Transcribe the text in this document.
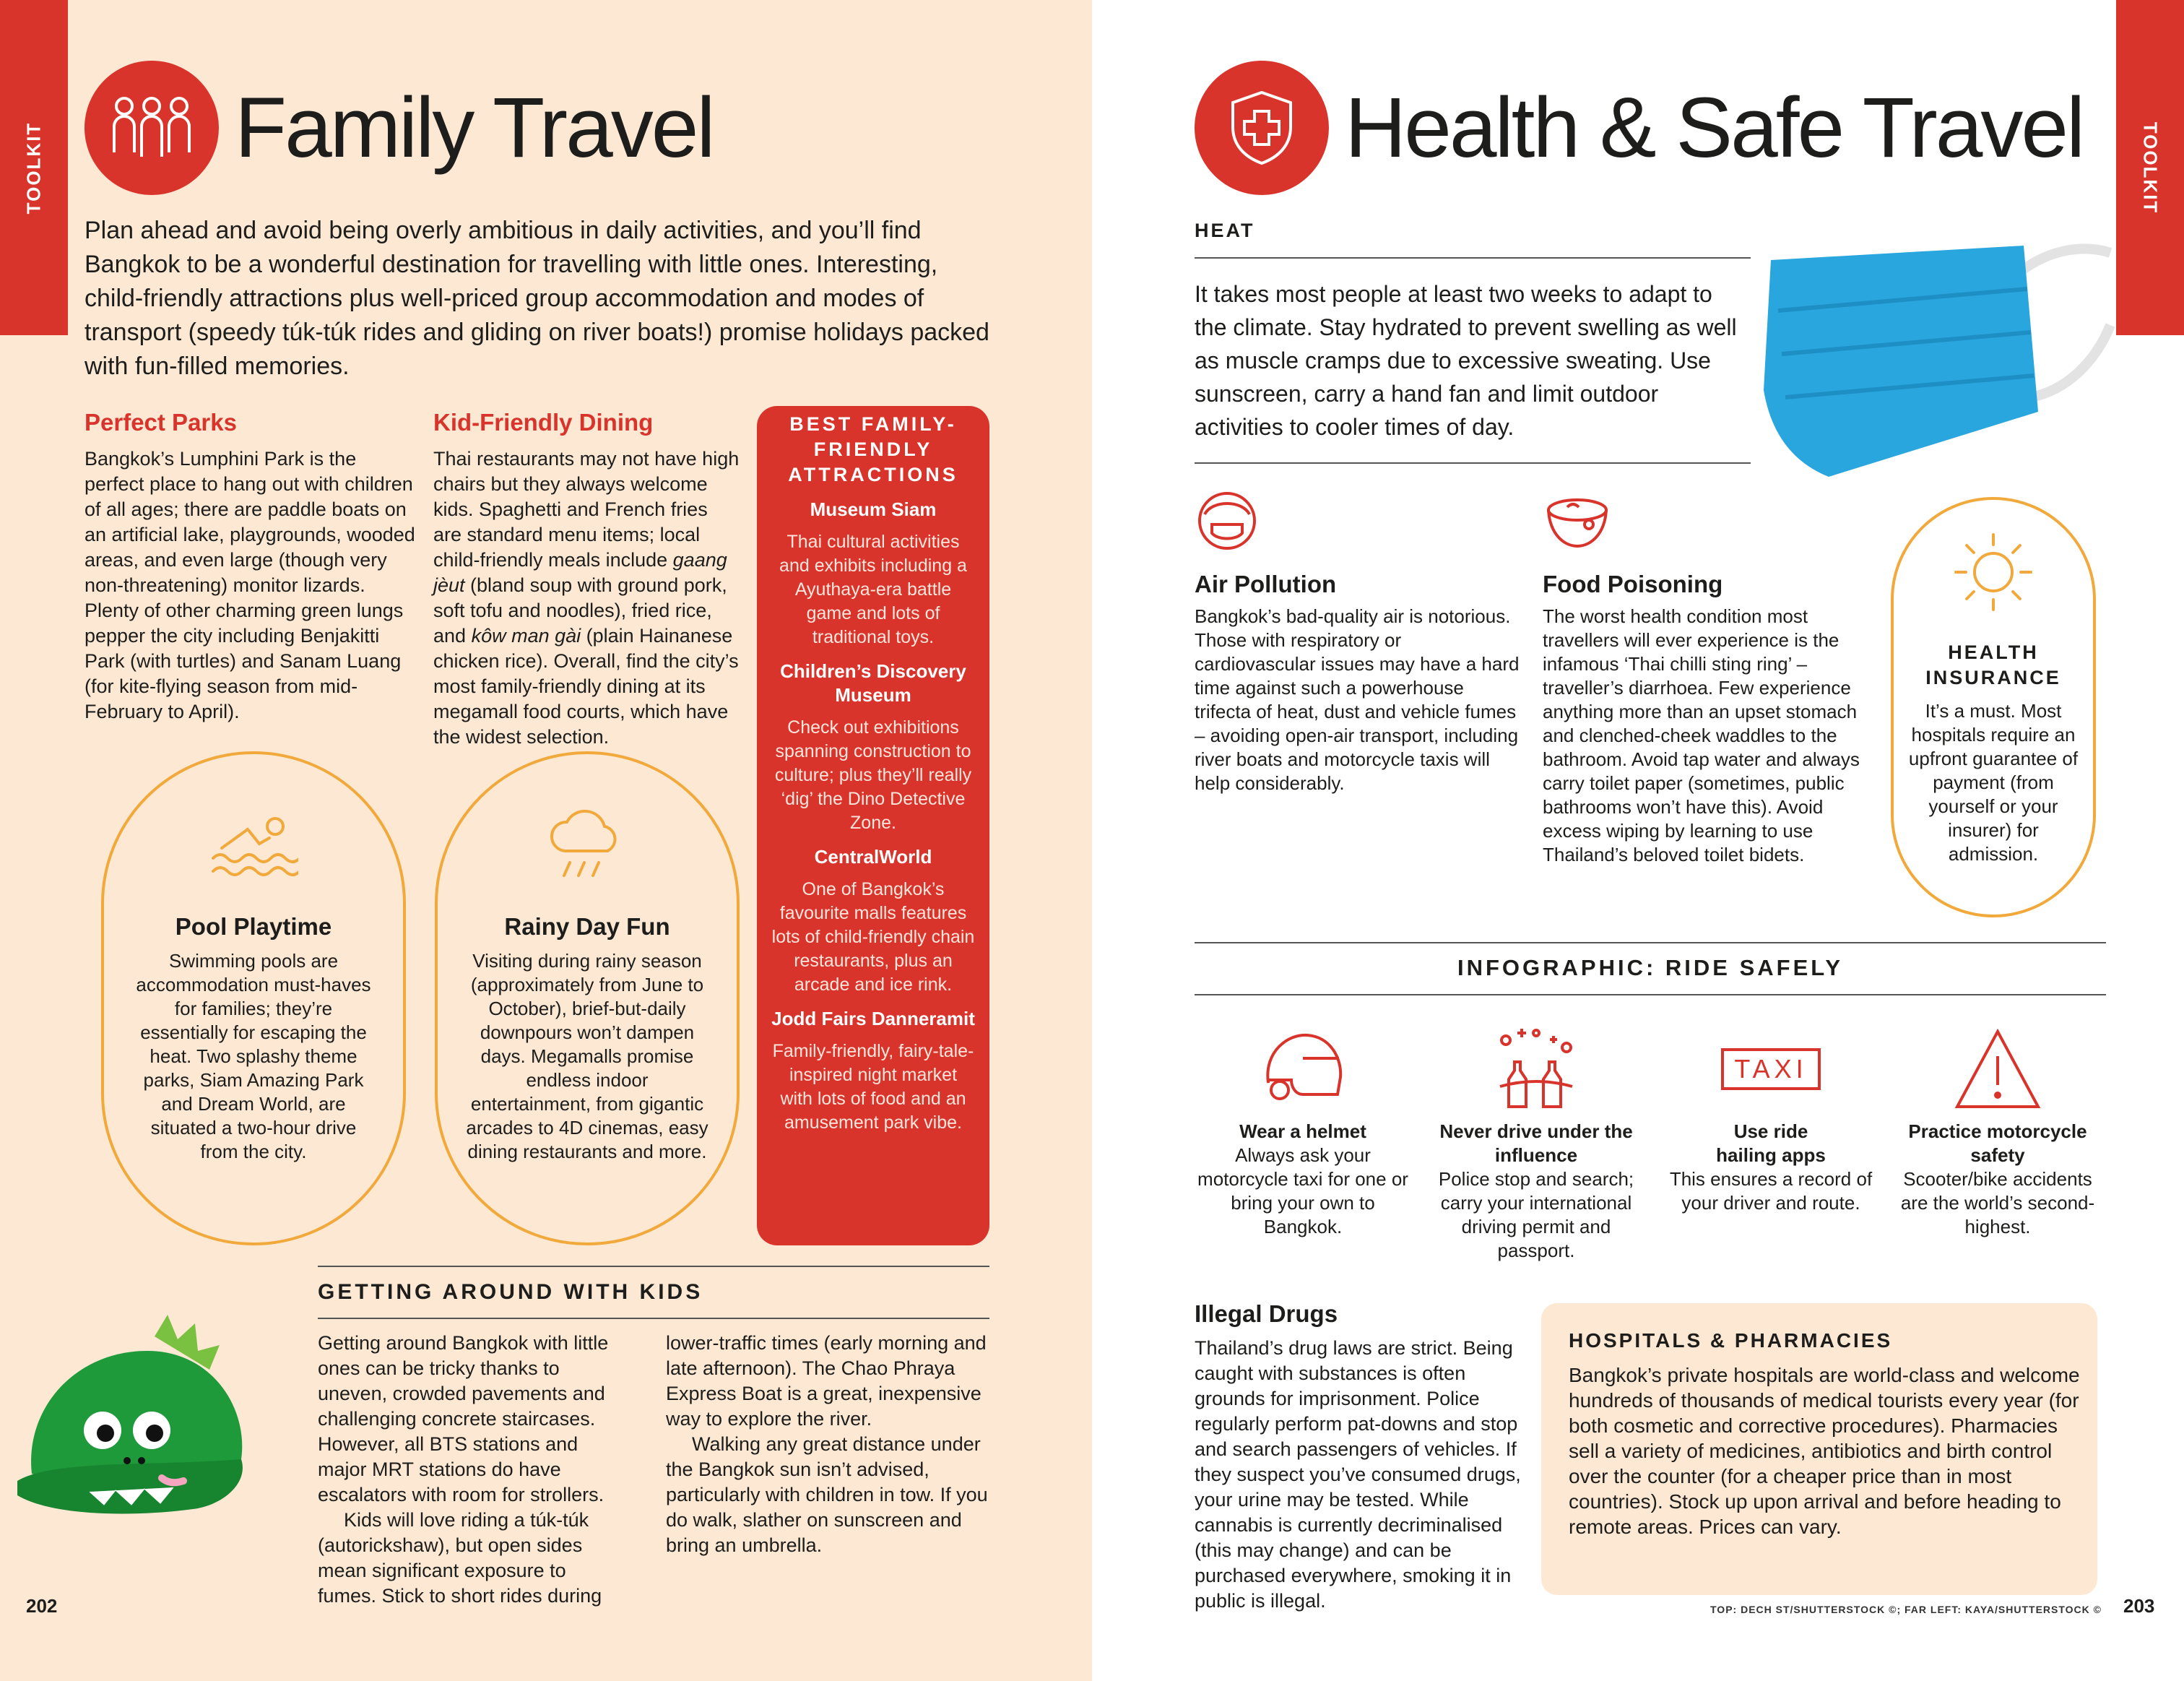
TOOLKIT Family Travel

Plan ahead and avoid being overly ambitious in daily activities, and you’ll find Bangkok to be a wonderful destination for travelling with little ones. Interesting, child-friendly attractions plus well-priced group accommodation and modes of transport (speedy túk-túk rides and gliding on river boats!) promise holidays packed with fun-filled memories.

Perfect Parks

Bangkok’s Lumphini Park is the perfect place to hang out with children of all ages; there are paddle boats on an artificial lake, playgrounds, wooded areas, and even large (though very non-threatening) monitor lizards. Plenty of other charming green lungs pepper the city including Benjakitti Park (with turtles) and Sanam Luang (for kite-flying season from mid-February to April).

Kid-Friendly Dining

Thai restaurants may not have high chairs but they always welcome kids. Spaghetti and French fries are standard menu items; local child-friendly meals include gaang jèut (bland soup with ground pork, soft tofu and noodles), fried rice, and kôw man gài (plain Hainanese chicken rice). Overall, find the city’s most family-friendly dining at its megamall food courts, which have the widest selection.

Pool Playtime

Swimming pools are accommodation must-haves for families; they’re essentially for escaping the heat. Two splashy theme parks, Siam Amazing Park and Dream World, are situated a two-hour drive from the city.

Rainy Day Fun

Visiting during rainy season (approximately from June to October), brief-but-daily downpours won’t dampen days. Megamalls promise endless indoor entertainment, from gigantic arcades to 4D cinemas, easy dining restaurants and more.

BEST FAMILY-FRIENDLY ATTRACTIONS
Museum Siam
Thai cultural activities and exhibits including a Ayuthaya-era battle game and lots of traditional toys.
Children’s Discovery Museum
Check out exhibitions spanning construction to culture; plus they’ll really ‘dig’ the Dino Detective Zone.
CentralWorld
One of Bangkok’s favourite malls features lots of child-friendly chain restaurants, plus an arcade and ice rink.
Jodd Fairs Danneramit
Family-friendly, fairy-tale-inspired night market with lots of food and an amusement park vibe.
GETTING AROUND WITH KIDS

Getting around Bangkok with little ones can be tricky thanks to uneven, crowded pavements and challenging concrete staircases. However, all BTS stations and major MRT stations do have escalators with room for strollers.

Kids will love riding a túk-túk (autorickshaw), but open sides mean significant exposure to fumes. Stick to short rides during

lower-traffic times (early morning and late afternoon). The Chao Phraya Express Boat is a great, inexpensive way to explore the river.

Walking any great distance under the Bangkok sun isn’t advised, particularly with children in tow. If you do walk, slather on sunscreen and bring an umbrella.

202
TOOLKIT
Health & Safe Travel
HEAT

It takes most people at least two weeks to adapt to the climate. Stay hydrated to prevent swelling as well as muscle cramps due to excessive sweating. Use sunscreen, carry a hand fan and limit outdoor activities to cooler times of day.

Air Pollution

Bangkok’s bad-quality air is notorious. Those with respiratory or cardiovascular issues may have a hard time against such a powerhouse trifecta of heat, dust and vehicle fumes – avoiding open-air transport, including river boats and motorcycle taxis will help considerably.

Food Poisoning

The worst health condition most travellers will ever experience is the infamous ‘Thai chilli sting ring’ – traveller’s diarrhoea. Few experience anything more than an upset stomach and clenched-cheek waddles to the bathroom. Avoid tap water and always carry toilet paper (sometimes, public bathrooms won’t have this). Avoid excess wiping by learning to use Thailand’s beloved toilet bidets.

HEALTH INSURANCE

It’s a must. Most hospitals require an upfront guarantee of payment (from yourself or your insurer) for admission.

INFOGRAPHIC: RIDE SAFELY
Wear a helmet
Always ask your motorcycle taxi for one or bring your own to Bangkok.
Never drive under the influence
Police stop and search; carry your international driving permit and passport.
TAXI
Use ride hailing apps
This ensures a record of your driver and route.
Practice motorcycle safety
Scooter/bike accidents are the world’s second-highest.
Illegal Drugs

Thailand’s drug laws are strict. Being caught with substances is often grounds for imprisonment. Police regularly perform pat-downs and stop and search passengers of vehicles. If they suspect you’ve consumed drugs, your urine may be tested. While cannabis is currently decriminalised (this may change) and can be purchased everywhere, smoking it in public is illegal.

HOSPITALS & PHARMACIES

Bangkok’s private hospitals are world-class and welcome hundreds of thousands of medical tourists every year (for both cosmetic and corrective procedures). Pharmacies sell a variety of medicines, antibiotics and birth control over the counter (for a cheaper price than in most countries). Stock up upon arrival and before heading to remote areas. Prices can vary.

TOP: DECH ST/SHUTTERSTOCK ©; FAR LEFT: KAYA/SHUTTERSTOCK © 203
